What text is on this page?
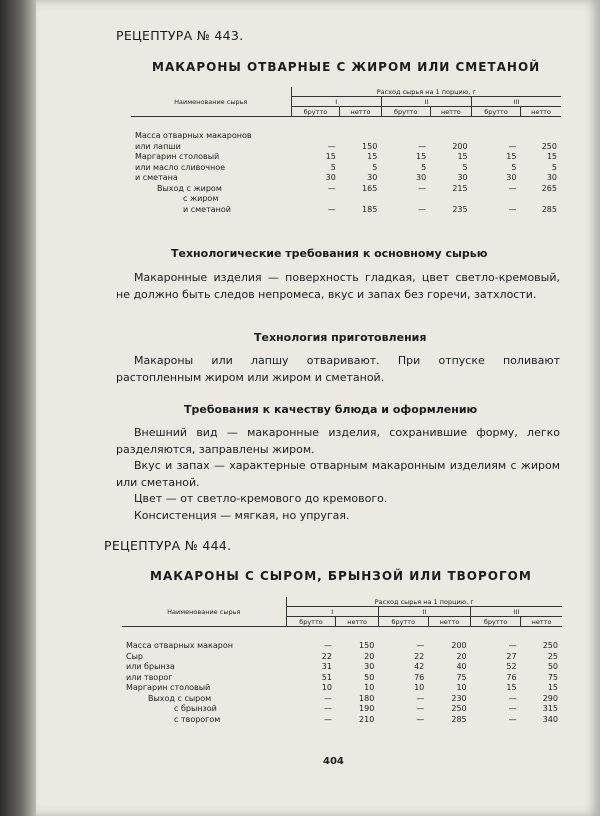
РЕЦЕПТУРА № 443.
МАКАРОНЫ ОТВАРНЫЕ С ЖИРОМ ИЛИ СМЕТАНОЙ
Наименование сырья	Расход сырья на 1 порцию, г					
	I		II		III	
	брутто	нетто	брутто	нетто	брутто	нетто

Масса отварных макаронов						
или лапши	—	150	—	200	—	250
Маргарин столовый	15	15	15	15	15	15
или масло сливочное	5	5	5	5	5	5
и сметана	30	30	30	30	30	30
Выход с жиром	—	165	—	215	—	265
с жиром						
и сметаной	—	185	—	235	—	285
Технологические требования к основному сырью

Макаронные изделия — поверхность гладкая, цвет светло-кремовый, не должно быть следов непромеса, вкус и запах без горечи, затхлости.

Технология приготовления

Макароны или лапшу отваривают. При отпуске поливают растопленным жиром или жиром и сметаной.

Требования к качеству блюда и оформлению

Внешний вид — макаронные изделия, сохранившие форму, легко разделяются, заправлены жиром.

Вкус и запах — характерные отварным макаронным изделиям с жиром или сметаной.

Цвет — от светло-кремового до кремового.

Консистенция — мягкая, но упругая.

РЕЦЕПТУРА № 444.
МАКАРОНЫ С СЫРОМ, БРЫНЗОЙ ИЛИ ТВОРОГОМ
Наименование сырья	Расход сырья на 1 порцию, г					
	I		II		III	
	брутто	нетто	брутто	нетто	брутто	нетто

Масса отварных макарон	—	150	—	200	—	250
Сыр	22	20	22	20	27	25
или брынза	31	30	42	40	52	50
или творог	51	50	76	75	76	75
Маргарин столовый	10	10	10	10	15	15
Выход с сыром	—	180	—	230	—	290
с брынзой	—	190	—	250	—	315
с творогом	—	210	—	285	—	340
404
